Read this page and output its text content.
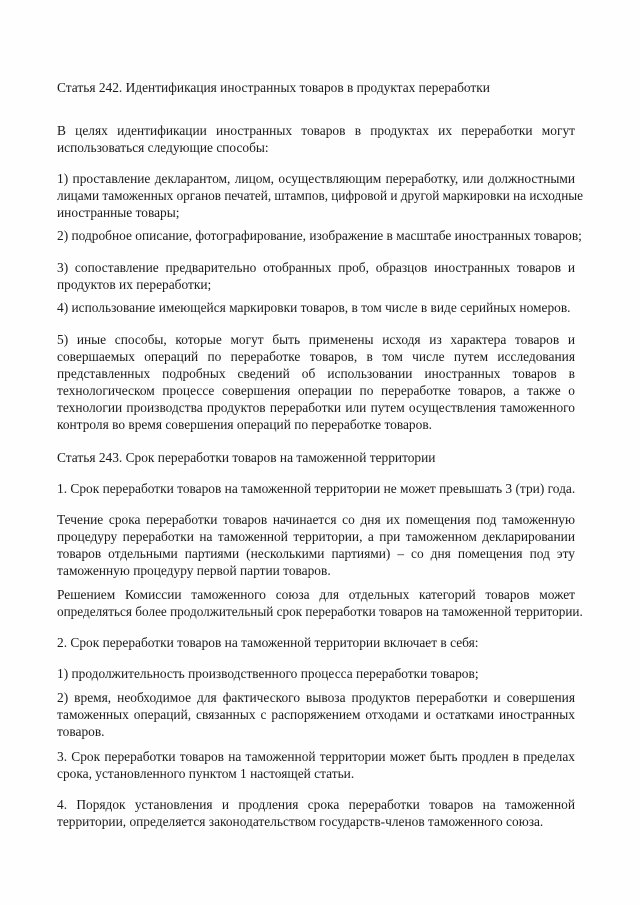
Статья 242. Идентификация иностранных товаров в продуктах переработки
В целях идентификации иностранных товаров в продуктах их переработки могут
использоваться следующие способы:
1) проставление декларантом, лицом, осуществляющим переработку, или должностными
лицами таможенных органов печатей, штампов, цифровой и другой маркировки на исходные
иностранные товары;
2) подробное описание, фотографирование, изображение в масштабе иностранных товаров;
3) сопоставление предварительно отобранных проб, образцов иностранных товаров и
продуктов их переработки;
4) использование имеющейся маркировки товаров, в том числе в виде серийных номеров.
5) иные способы, которые могут быть применены исходя из характера товаров и
совершаемых операций по переработке товаров, в том числе путем исследования
представленных подробных сведений об использовании иностранных товаров в
технологическом процессе совершения операции по переработке товаров, а также о
технологии производства продуктов переработки или путем осуществления таможенного
контроля во время совершения операций по переработке товаров.
Статья 243. Срок переработки товаров на таможенной территории
1. Срок переработки товаров на таможенной территории не может превышать 3 (три) года.
Течение срока переработки товаров начинается со дня их помещения под таможенную
процедуру переработки на таможенной территории, а при таможенном декларировании
товаров отдельными партиями (несколькими партиями) – со дня помещения под эту
таможенную процедуру первой партии товаров.
Решением Комиссии таможенного союза для отдельных категорий товаров может
определяться более продолжительный срок переработки товаров на таможенной территории.
2. Срок переработки товаров на таможенной территории включает в себя:
1) продолжительность производственного процесса переработки товаров;
2) время, необходимое для фактического вывоза продуктов переработки и совершения
таможенных операций, связанных с распоряжением отходами и остатками иностранных
товаров.
3. Срок переработки товаров на таможенной территории может быть продлен в пределах
срока, установленного пунктом 1 настоящей статьи.
4. Порядок установления и продления срока переработки товаров на таможенной
территории, определяется законодательством государств-членов таможенного союза.
